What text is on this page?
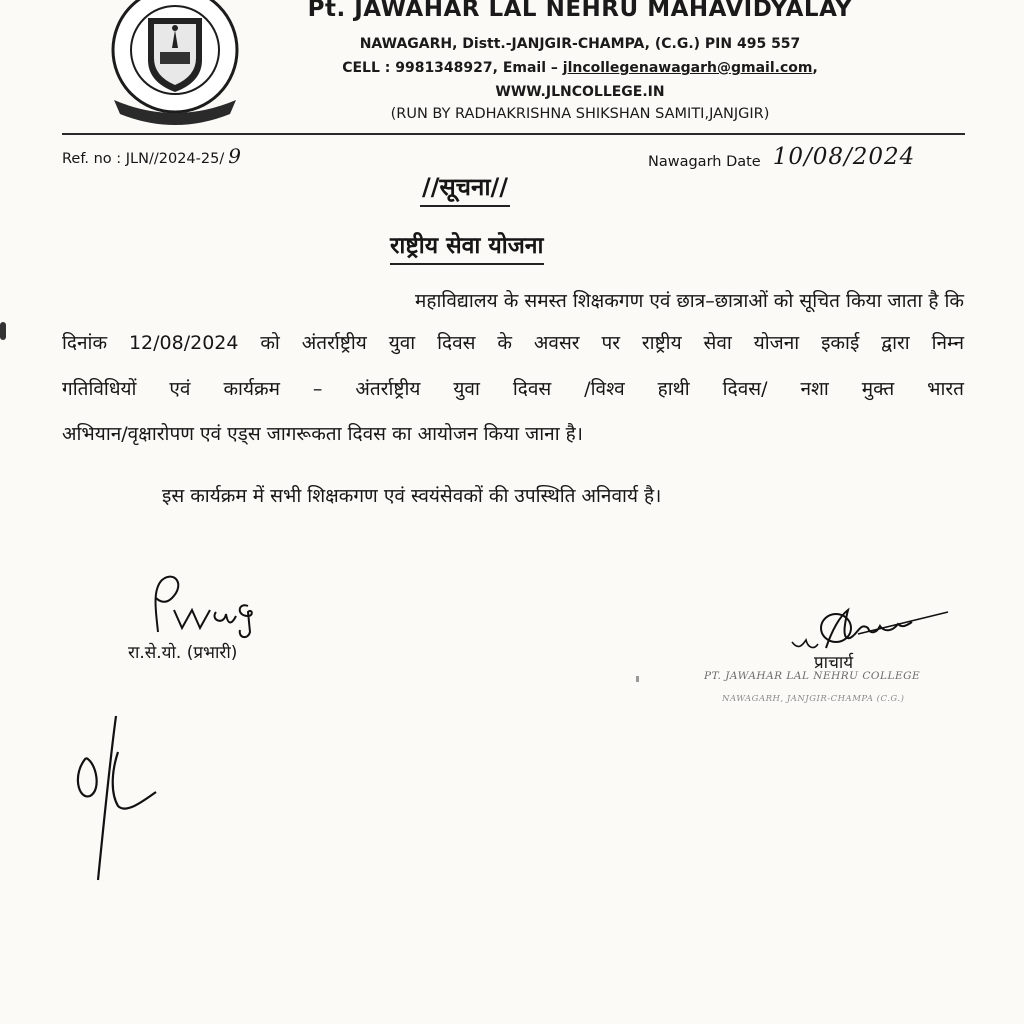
Pt. JAWAHAR LAL NEHRU MAHAVIDYALAY
NAWAGARH, Distt.-JANJGIR-CHAMPA, (C.G.) PIN 495 557
CELL : 9981348927, Email – jlncollegenawagarh@gmail.com,
WWW.JLNCOLLEGE.IN
(RUN BY RADHAKRISHNA SHIKSHAN SAMITI,JANJGIR)
Ref. no : JLN//2024-25/ 9	Nawagarh Date 10/08/2024
//सूचना//
राष्ट्रीय सेवा योजना
महाविद्यालय के समस्त शिक्षकगण एवं छात्र–छात्राओं को सूचित किया जाता है कि
दिनांक 12/08/2024 को अंतर्राष्ट्रीय युवा दिवस के अवसर पर राष्ट्रीय सेवा योजना इकाई द्वारा निम्न
गतिविधियों एवं कार्यक्रम – अंतर्राष्ट्रीय युवा दिवस /विश्व हाथी दिवस/ नशा मुक्त भारत
अभियान/वृक्षारोपण एवं एड्स जागरूकता दिवस का आयोजन किया जाना है।
इस कार्यक्रम में सभी शिक्षकगण एवं स्वयंसेवकों की उपस्थिति अनिवार्य है।
रा.से.यो. (प्रभारी)	प्राचार्य
PT. JAWAHAR LAL NEHRU COLLEGE
NAWAGARH, JANJGIR-CHAMPA (C.G.)
